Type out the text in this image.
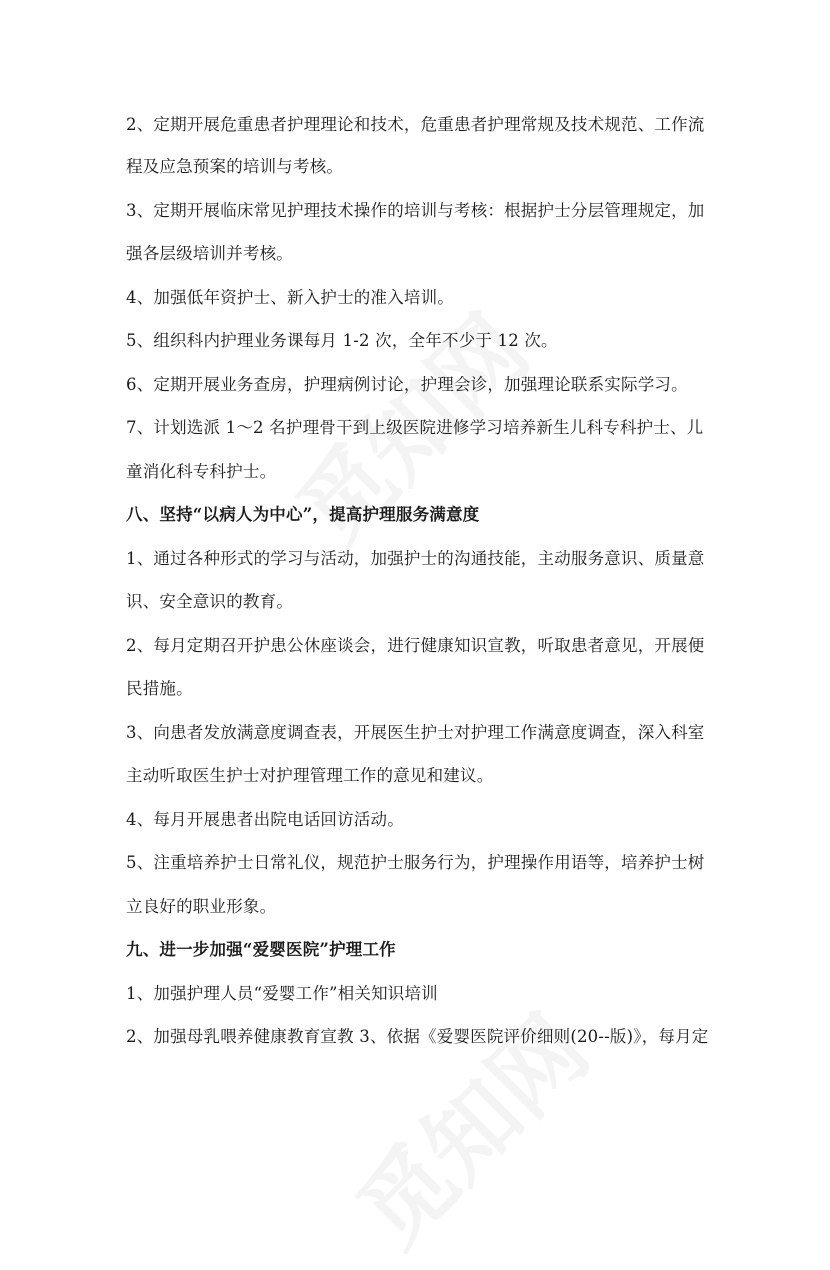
2、定期开展危重患者护理理论和技术，危重患者护理常规及技术规范、工作流
程及应急预案的培训与考核。
3、定期开展临床常见护理技术操作的培训与考核：根据护士分层管理规定，加
强各层级培训并考核。
4、加强低年资护士、新入护士的准入培训。
5、组织科内护理业务课每月 1-2 次，全年不少于 12 次。
6、定期开展业务查房，护理病例讨论，护理会诊，加强理论联系实际学习。
7、计划选派 1～2 名护理骨干到上级医院进修学习培养新生儿科专科护士、儿
童消化科专科护士。
八、坚持“以病人为中心”，提高护理服务满意度
1、通过各种形式的学习与活动，加强护士的沟通技能，主动服务意识、质量意
识、安全意识的教育。
2、每月定期召开护患公休座谈会，进行健康知识宣教，听取患者意见，开展便
民措施。
3、向患者发放满意度调查表，开展医生护士对护理工作满意度调查，深入科室
主动听取医生护士对护理管理工作的意见和建议。
4、每月开展患者出院电话回访活动。
5、注重培养护士日常礼仪，规范护士服务行为，护理操作用语等，培养护士树
立良好的职业形象。
九、进一步加强“爱婴医院”护理工作
1、加强护理人员“爱婴工作”相关知识培训
2、加强母乳喂养健康教育宣教 3、依据《爱婴医院评价细则(20--版)》，每月定
